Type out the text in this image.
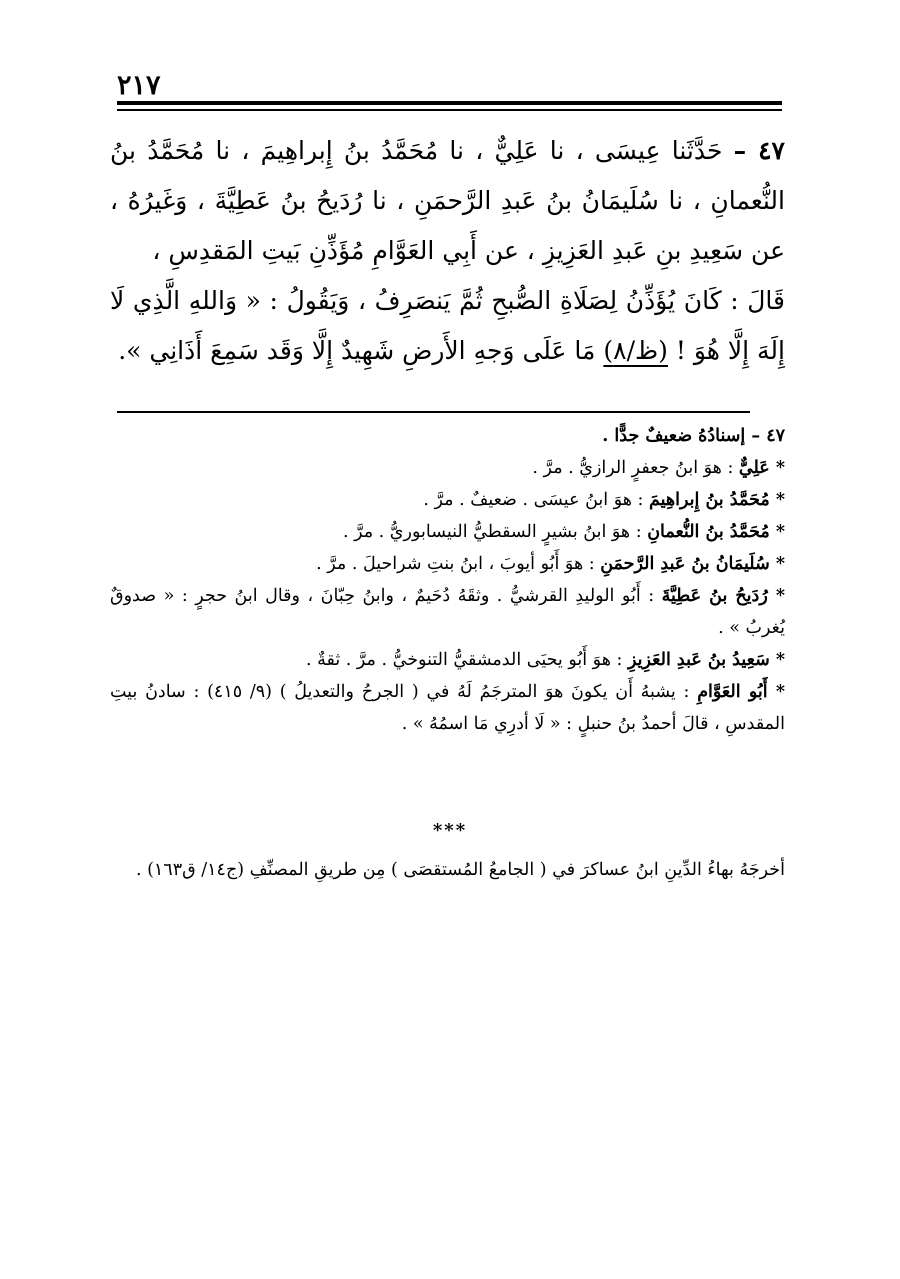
٢١٧

٤٧ – حَدَّثَنا عِيسَى ، نا عَلِيٌّ ، نا مُحَمَّدُ بنُ إِبراهِيمَ ، نا مُحَمَّدُ بنُ النُّعمانِ ، نا سُلَيمَانُ بنُ عَبدِ الرَّحمَنِ ، نا رُدَيحُ بنُ عَطِيَّةَ ، وَغَيرُهُ ، عن سَعِيدِ بنِ عَبدِ العَزِيزِ ، عن أَبِي العَوَّامِ مُؤَذِّنِ بَيتِ المَقدِسِ ،

قَالَ : كَانَ يُؤَذِّنُ لِصَلَاةِ الصُّبحِ ثُمَّ يَنصَرِفُ ، وَيَقُولُ : « وَاللهِ الَّذِي لَا إِلَهَ إِلَّا هُوَ ! (ظ/٨) مَا عَلَى وَجهِ الأَرضِ شَهِيدٌ إِلَّا وَقَد سَمِعَ أَذَانِي ».

٤٧ – إسنادُهُ ضعيفٌ جدًّا .

* عَلِيٌّ : هوَ ابنُ جعفرٍ الرازيُّ . مرَّ .

* مُحَمَّدُ بنُ إِبراهِيمَ : هوَ ابنُ عيسَى . ضعيفٌ . مرَّ .

* مُحَمَّدُ بنُ النُّعمانِ : هوَ ابنُ بشيرٍ السقطيُّ النيسابوريُّ . مرَّ .

* سُلَيمَانُ بنُ عَبدِ الرَّحمَنِ : هوَ أَبُو أيوبَ ، ابنُ بنتِ شراحيلَ . مرَّ .

* رُدَيحُ بنُ عَطِيَّةَ : أَبُو الوليدِ القرشيُّ . وثقَهُ دُحَيمٌ ، وابنُ حِبّانَ ، وقال ابنُ حجرٍ : « صدوقٌ يُغربُ » .

* سَعِيدُ بنُ عَبدِ العَزِيزِ : هوَ أَبُو يحيَى الدمشقيُّ التنوخيُّ . مرَّ . ثقةٌ .

* أَبُو العَوَّامِ : يشبهُ أَن يكونَ هوَ المترجَمُ لَهُ في ( الجرحُ والتعديلُ ) (٩/ ٤١٥) : سادنُ بيتِ المقدسِ ، قالَ أحمدُ بنُ حنبلٍ : « لَا أدرِي مَا اسمُهُ » .

***
أخرجَهُ بهاءُ الدِّينِ ابنُ عساكرَ في ( الجامعُ المُستقصَى ) مِن طريقِ المصنِّفِ (ج١٤/ ق١٦٣) .
